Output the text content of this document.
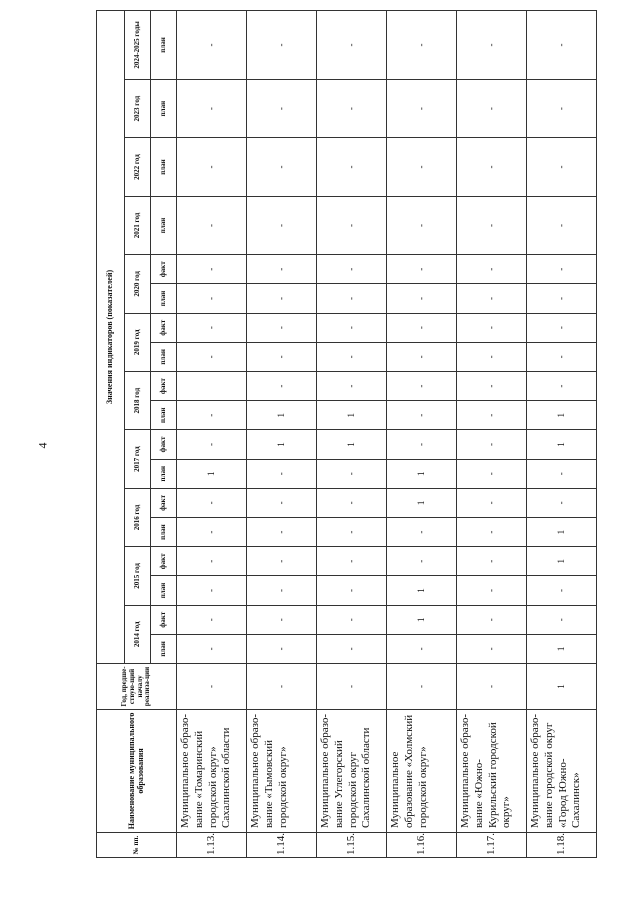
4
№ пп.	Наименование муниципального образования	Год, предше-ствую-щий началу реализа-ции	Значения индикаторов (показателей)																	
			2014 год		2015 год		2016 год		2017 год		2018 год		2019 год		2020 год		2021 год	2022 год	2023 год	2024-2025 годы
			план	факт	план	факт	план	факт	план	факт	план	факт	план	факт	план	факт	план	план	план	план
1.13.	Муниципальное образо-вание «Томаринский городской округ» Сахалинской области	-	-	-	-	-	-	-	1	-	-		-	-	-	-	-	-	-	-
1.14.	Муниципальное образо-вание «Тымовский городской округ»	-	-	-	-	-	-	-	-	1	1	-	-	-	-	-	-	-	-	-
1.15.	Муниципальное образо-вание Углегорский городской округ Сахалинской области	-	-	-	-	-	-	-	-	1	1	-	-	-	-	-	-	-	-	-
1.16.	Муниципальное образование «Холмский городской округ»	-	-	1	1	-	-	1	1	-	-	-	-	-	-	-	-	-	-	-
1.17.	Муниципальное образо-вание «Южно-Курильский городской округ»	-	-	-	-	-	-	-	-	-	-	-	-	-	-	-	-	-	-	-
1.18.	Муниципальное образо-вание городской округ «Город Южно-Сахалинск»	1	1	-	-	1	1	-	-	1	1	-	-	-	-	-	-	-	-	-
